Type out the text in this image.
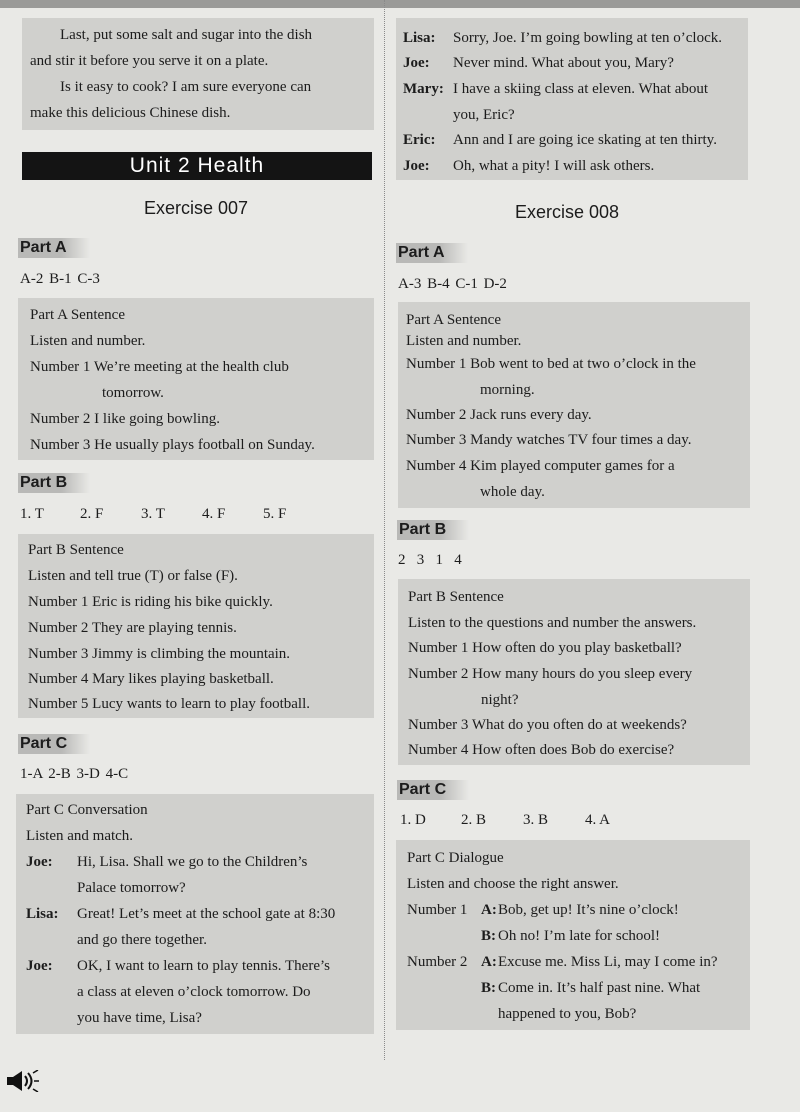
Last, put some salt and sugar into the dish
and stir it before you serve it on a plate.
Is it easy to cook? I am sure everyone can
make this delicious Chinese dish.
Unit 2 Health
Exercise 007
Part A
A-2 B-1 C-3
Part A Sentence
Listen and number.
Number 1 We’re meeting at the health club
tomorrow.
Number 2 I like going bowling.
Number 3 He usually plays football on Sunday.
Part B
1. T 2. F	3. T 4. F	5. F
Part B Sentence
Listen and tell true (T) or false (F).
Number 1 Eric is riding his bike quickly.
Number 2 They are playing tennis.
Number 3 Jimmy is climbing the mountain.
Number 4 Mary likes playing basketball.
Number 5 Lucy wants to learn to play football.
Part C
1-A 2-B 3-D 4-C
Part C Conversation
Listen and match.
Joe: Hi, Lisa. Shall we go to the Children’s
Palace tomorrow?
Lisa: Great! Let’s meet at the school gate at 8:30
and go there together.
Joe: OK, I want to learn to play tennis. There’s
a class at eleven o’clock tomorrow. Do
you have time, Lisa?
Lisa: Sorry, Joe. I’m going bowling at ten o’clock.
Joe: Never mind. What about you, Mary?
Mary: I have a skiing class at eleven. What about
you, Eric?
Eric: Ann and I are going ice skating at ten thirty.
Joe: Oh, what a pity! I will ask others.
Exercise 008
Part A
A-3 B-4 C-1 D-2
Part A Sentence
Listen and number.
Number 1 Bob went to bed at two o’clock in the
morning.
Number 2 Jack runs every day.
Number 3 Mandy watches TV four times a day.
Number 4 Kim played computer games for a
whole day.
Part B
2   3   1   4
Part B Sentence
Listen to the questions and number the answers.
Number 1 How often do you play basketball?
Number 2 How many hours do you sleep every
night?
Number 3 What do you often do at weekends?
Number 4 How often does Bob do exercise?
Part C
1. D 2. B 3. B 4. A
Part C Dialogue
Listen and choose the right answer.
Number 1 A: Bob, get up! It’s nine o’clock!
B: Oh no! I’m late for school!
Number 2 A: Excuse me. Miss Li, may I come in?
B: Come in. It’s half past nine. What
happened to you, Bob?
